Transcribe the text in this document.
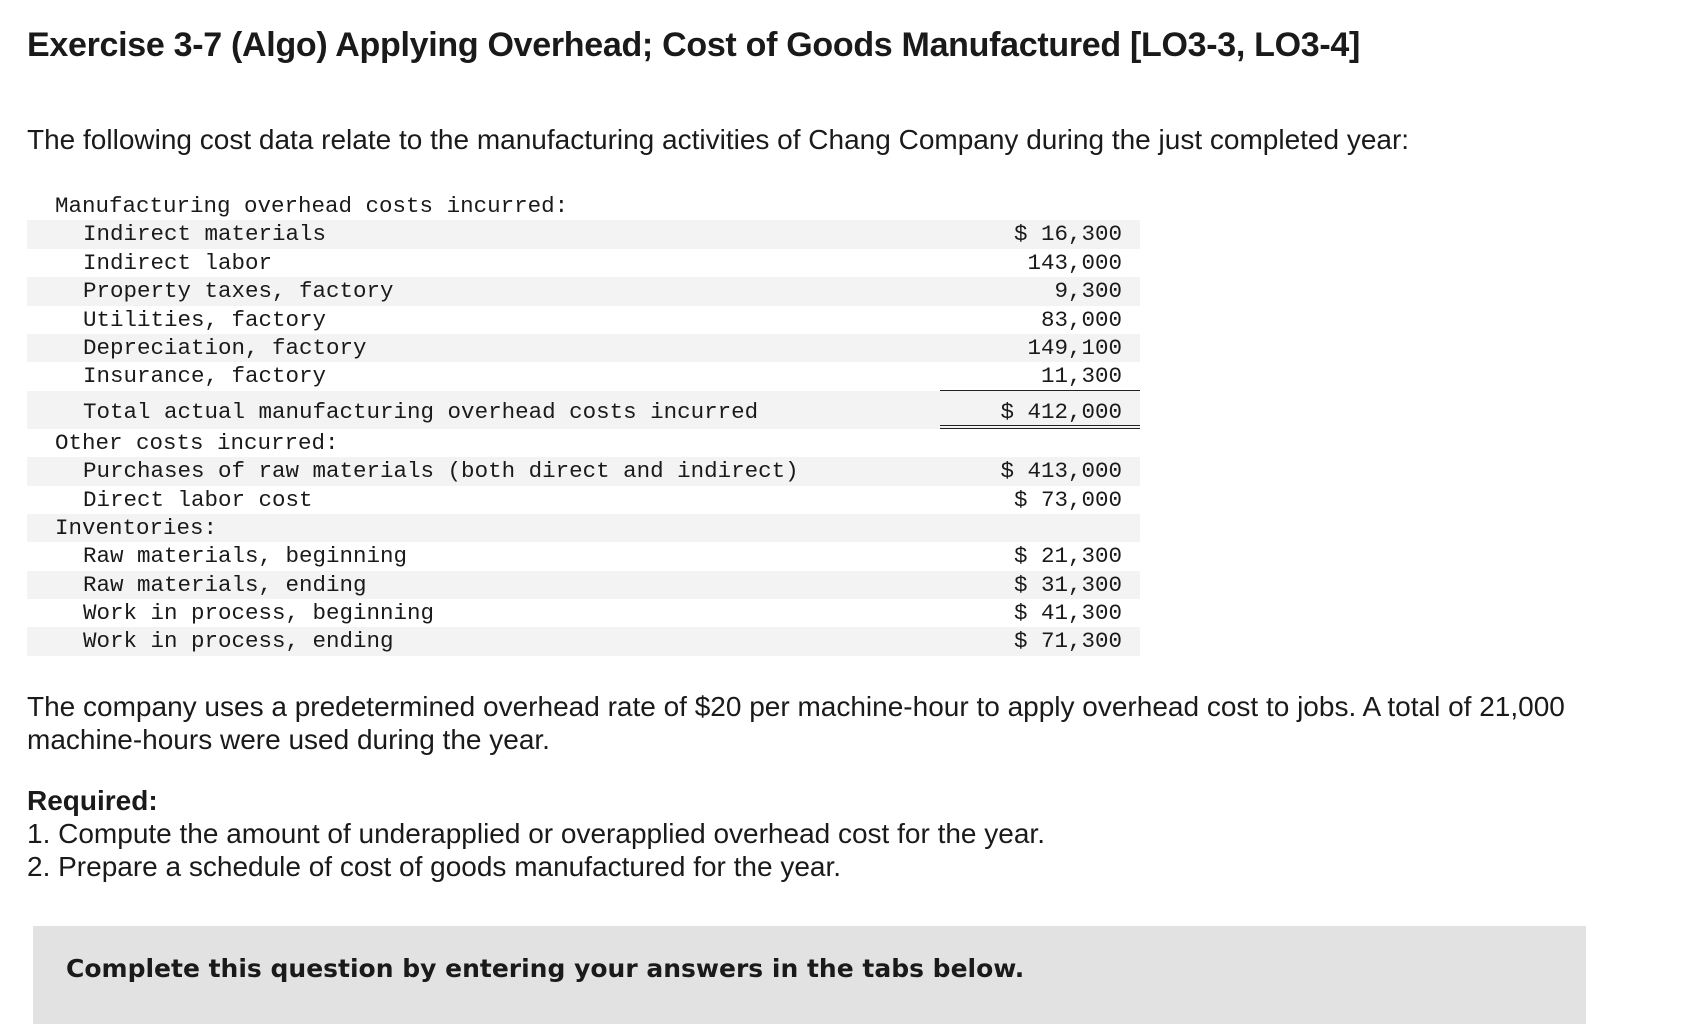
Exercise 3-7 (Algo) Applying Overhead; Cost of Goods Manufactured [LO3-3, LO3-4]

The following cost data relate to the manufacturing activities of Chang Company during the just completed year:

Manufacturing overhead costs incurred:
Indirect materials	$ 16,300
Indirect labor	143,000
Property taxes, factory	9,300
Utilities, factory	83,000
Depreciation, factory	149,100
Insurance, factory	11,300
Total actual manufacturing overhead costs incurred	$ 412,000
Other costs incurred:
Purchases of raw materials (both direct and indirect)	$ 413,000
Direct labor cost	$ 73,000
Inventories:
Raw materials, beginning	$ 21,300
Raw materials, ending	$ 31,300
Work in process, beginning	$ 41,300
Work in process, ending	$ 71,300

The company uses a predetermined overhead rate of $20 per machine-hour to apply overhead cost to jobs. A total of 21,000 machine-hours were used during the year.

Required:
1. Compute the amount of underapplied or overapplied overhead cost for the year.
2. Prepare a schedule of cost of goods manufactured for the year.
Complete this question by entering your answers in the tabs below.
